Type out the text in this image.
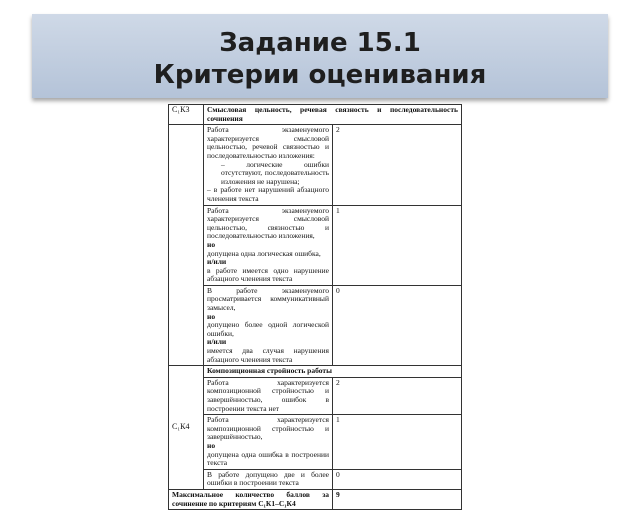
Задание 15.1
Критерии оценивания
С₁К3	Смысловая цельность, речевая связность и последовательность сочинения	
	Работа экзаменуемого характеризуется смысловой цельностью, речевой связностью и последовательностью изложения:
– логические ошибки отсутствуют, последовательность изложения не нарушена;
– в работе нет нарушений абзацного членения текста	2
	Работа экзаменуемого характеризуется смысловой цельностью, связностью и последовательностью изложения,
но
допущена одна логическая ошибка,
и/или
в работе имеется одно нарушение абзацного членения текста	1
	В работе экзаменуемого просматривается коммуникативный замысел,
но
допущено более одной логической ошибки,
и/или
имеется два случая нарушения абзацного членения текста	0
С₁К4	Композиционная стройность работы	
	Работа характеризуется композиционной стройностью и завершённостью, ошибок в построении текста нет	2
	Работа характеризуется композиционной стройностью и завершённостью,
но
допущена одна ошибка в построении текста	1
	В работе допущено две и более ошибки в построении текста	0
Максимальное количество баллов за сочинение по критериям С₁К1–С₁К4		9
